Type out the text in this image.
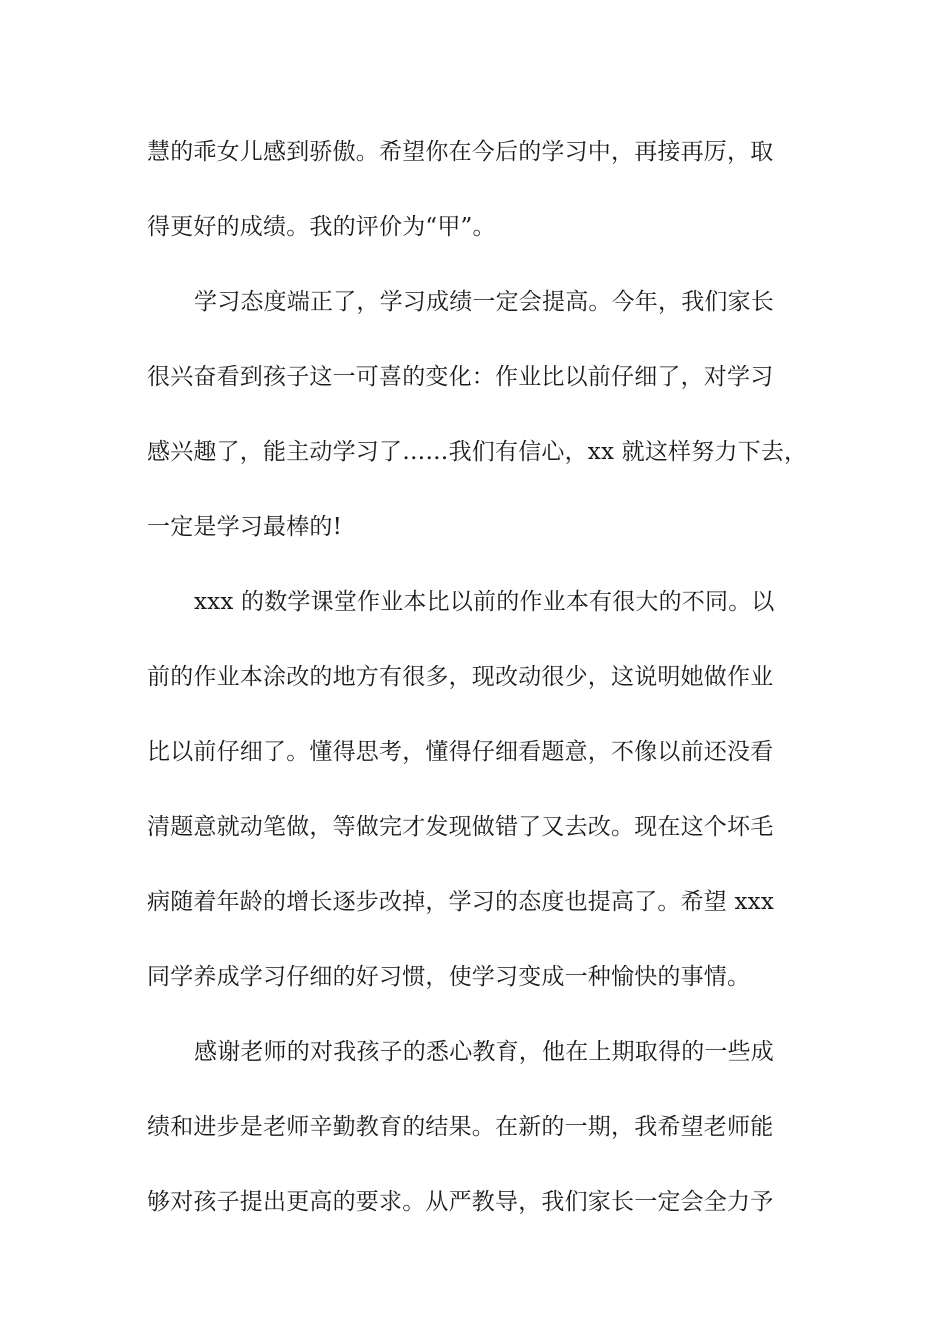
慧的乖女儿感到骄傲。希望你在今后的学习中，再接再厉，取
得更好的成绩。我的评价为“甲”。
学习态度端正了，学习成绩一定会提高。今年，我们家长
很兴奋看到孩子这一可喜的变化：作业比以前仔细了，对学习
感兴趣了，能主动学习了……我们有信心，xx 就这样努力下去，
一定是学习最棒的!
xxx 的数学课堂作业本比以前的作业本有很大的不同。以
前的作业本涂改的地方有很多，现改动很少，这说明她做作业
比以前仔细了。懂得思考，懂得仔细看题意，不像以前还没看
清题意就动笔做，等做完才发现做错了又去改。现在这个坏毛
病随着年龄的增长逐步改掉，学习的态度也提高了。希望 xxx
同学养成学习仔细的好习惯，使学习变成一种愉快的事情。
感谢老师的对我孩子的悉心教育，他在上期取得的一些成
绩和进步是老师辛勤教育的结果。在新的一期，我希望老师能
够对孩子提出更高的要求。从严教导，我们家长一定会全力予
